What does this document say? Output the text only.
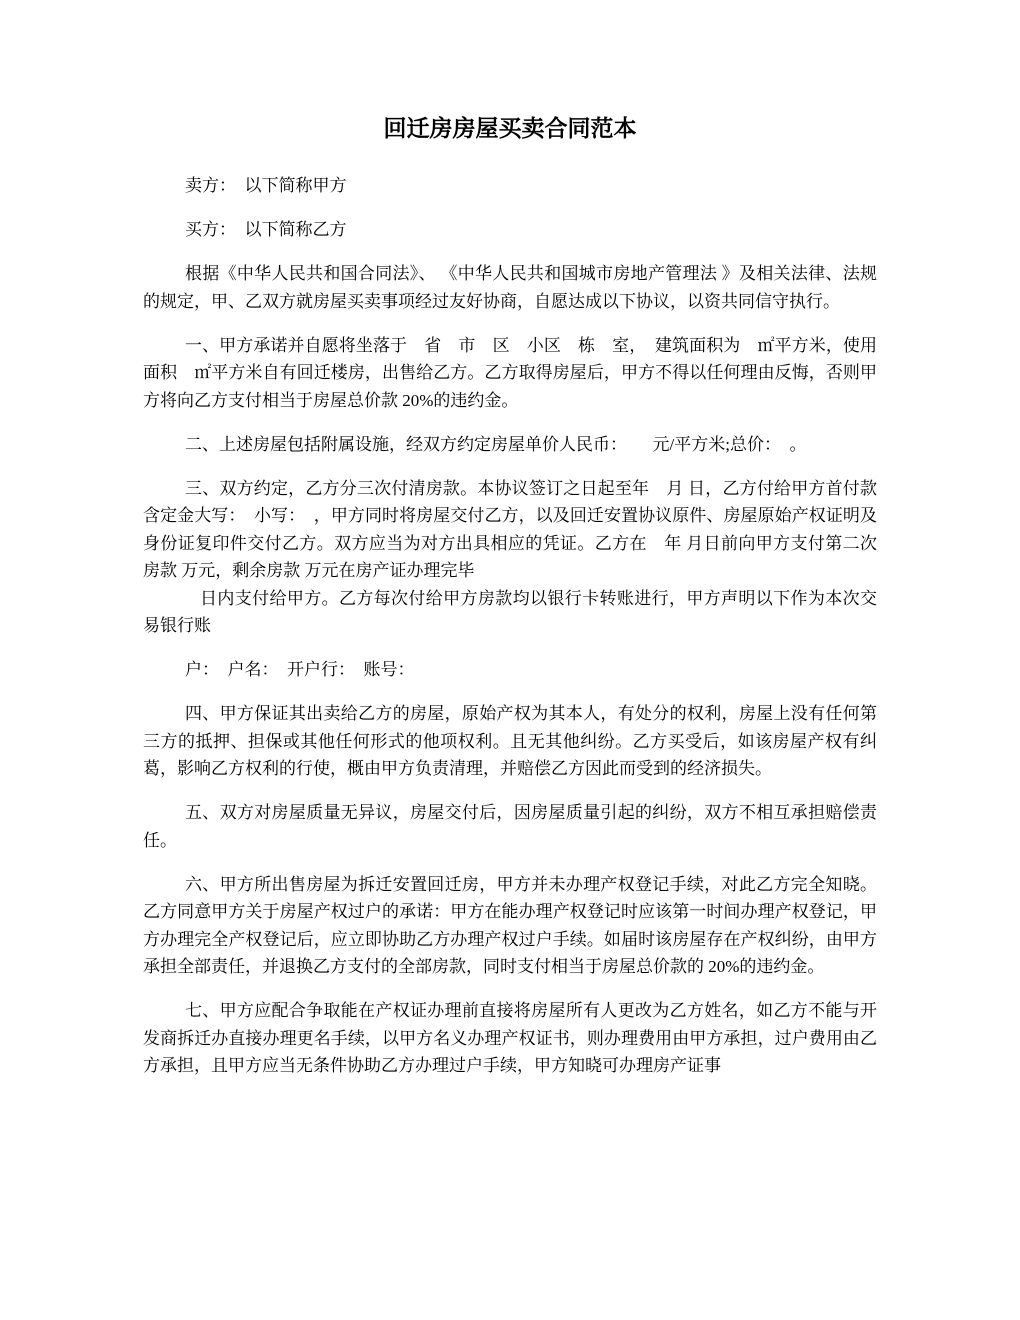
回迁房房屋买卖合同范本

卖方：　以下简称甲方

买方：　以下简称乙方

根据《中华人民共和国合同法》、 《中华人民共和国城市房地产管理法 》及相关法律、法规的规定，甲、乙双方就房屋买卖事项经过友好协商，自愿达成以下协议，以资共同信守执行。

一、甲方承诺并自愿将坐落于　省　市　区　小区　栋　室，　建筑面积为　㎡平方米，使用面积　㎡平方米自有回迁楼房，出售给乙方。乙方取得房屋后，甲方不得以任何理由反悔，否则甲方将向乙方支付相当于房屋总价款 20%的违约金。

二、上述房屋包括附属设施，经双方约定房屋单价人民币：　　元/平方米;总价：　。

三、双方约定，乙方分三次付清房款。本协议签订之日起至年　月 日，乙方付给甲方首付款含定金大写：　小写：　，甲方同时将房屋交付乙方，以及回迁安置协议原件、房屋原始产权证明及身份证复印件交付乙方。双方应当为对方出具相应的凭证。乙方在　年 月日前向甲方支付第二次房款 万元，剩余房款 万元在房产证办理完毕

日内支付给甲方。乙方每次付给甲方房款均以银行卡转账进行，甲方声明以下作为本次交易银行账

户：　户名：　开户行：　账号：

四、甲方保证其出卖给乙方的房屋，原始产权为其本人，有处分的权利，房屋上没有任何第三方的抵押、担保或其他任何形式的他项权利。且无其他纠纷。乙方买受后，如该房屋产权有纠葛，影响乙方权利的行使，概由甲方负责清理，并赔偿乙方因此而受到的经济损失。

五、双方对房屋质量无异议，房屋交付后，因房屋质量引起的纠纷，双方不相互承担赔偿责任。

六、甲方所出售房屋为拆迁安置回迁房，甲方并未办理产权登记手续，对此乙方完全知晓。乙方同意甲方关于房屋产权过户的承诺：甲方在能办理产权登记时应该第一时间办理产权登记，甲方办理完全产权登记后，应立即协助乙方办理产权过户手续。如届时该房屋存在产权纠纷，由甲方承担全部责任，并退换乙方支付的全部房款，同时支付相当于房屋总价款的 20%的违约金。

七、甲方应配合争取能在产权证办理前直接将房屋所有人更改为乙方姓名，如乙方不能与开发商拆迁办直接办理更名手续，以甲方名义办理产权证书，则办理费用由甲方承担，过户费用由乙方承担，且甲方应当无条件协助乙方办理过户手续，甲方知晓可办理房产证事
